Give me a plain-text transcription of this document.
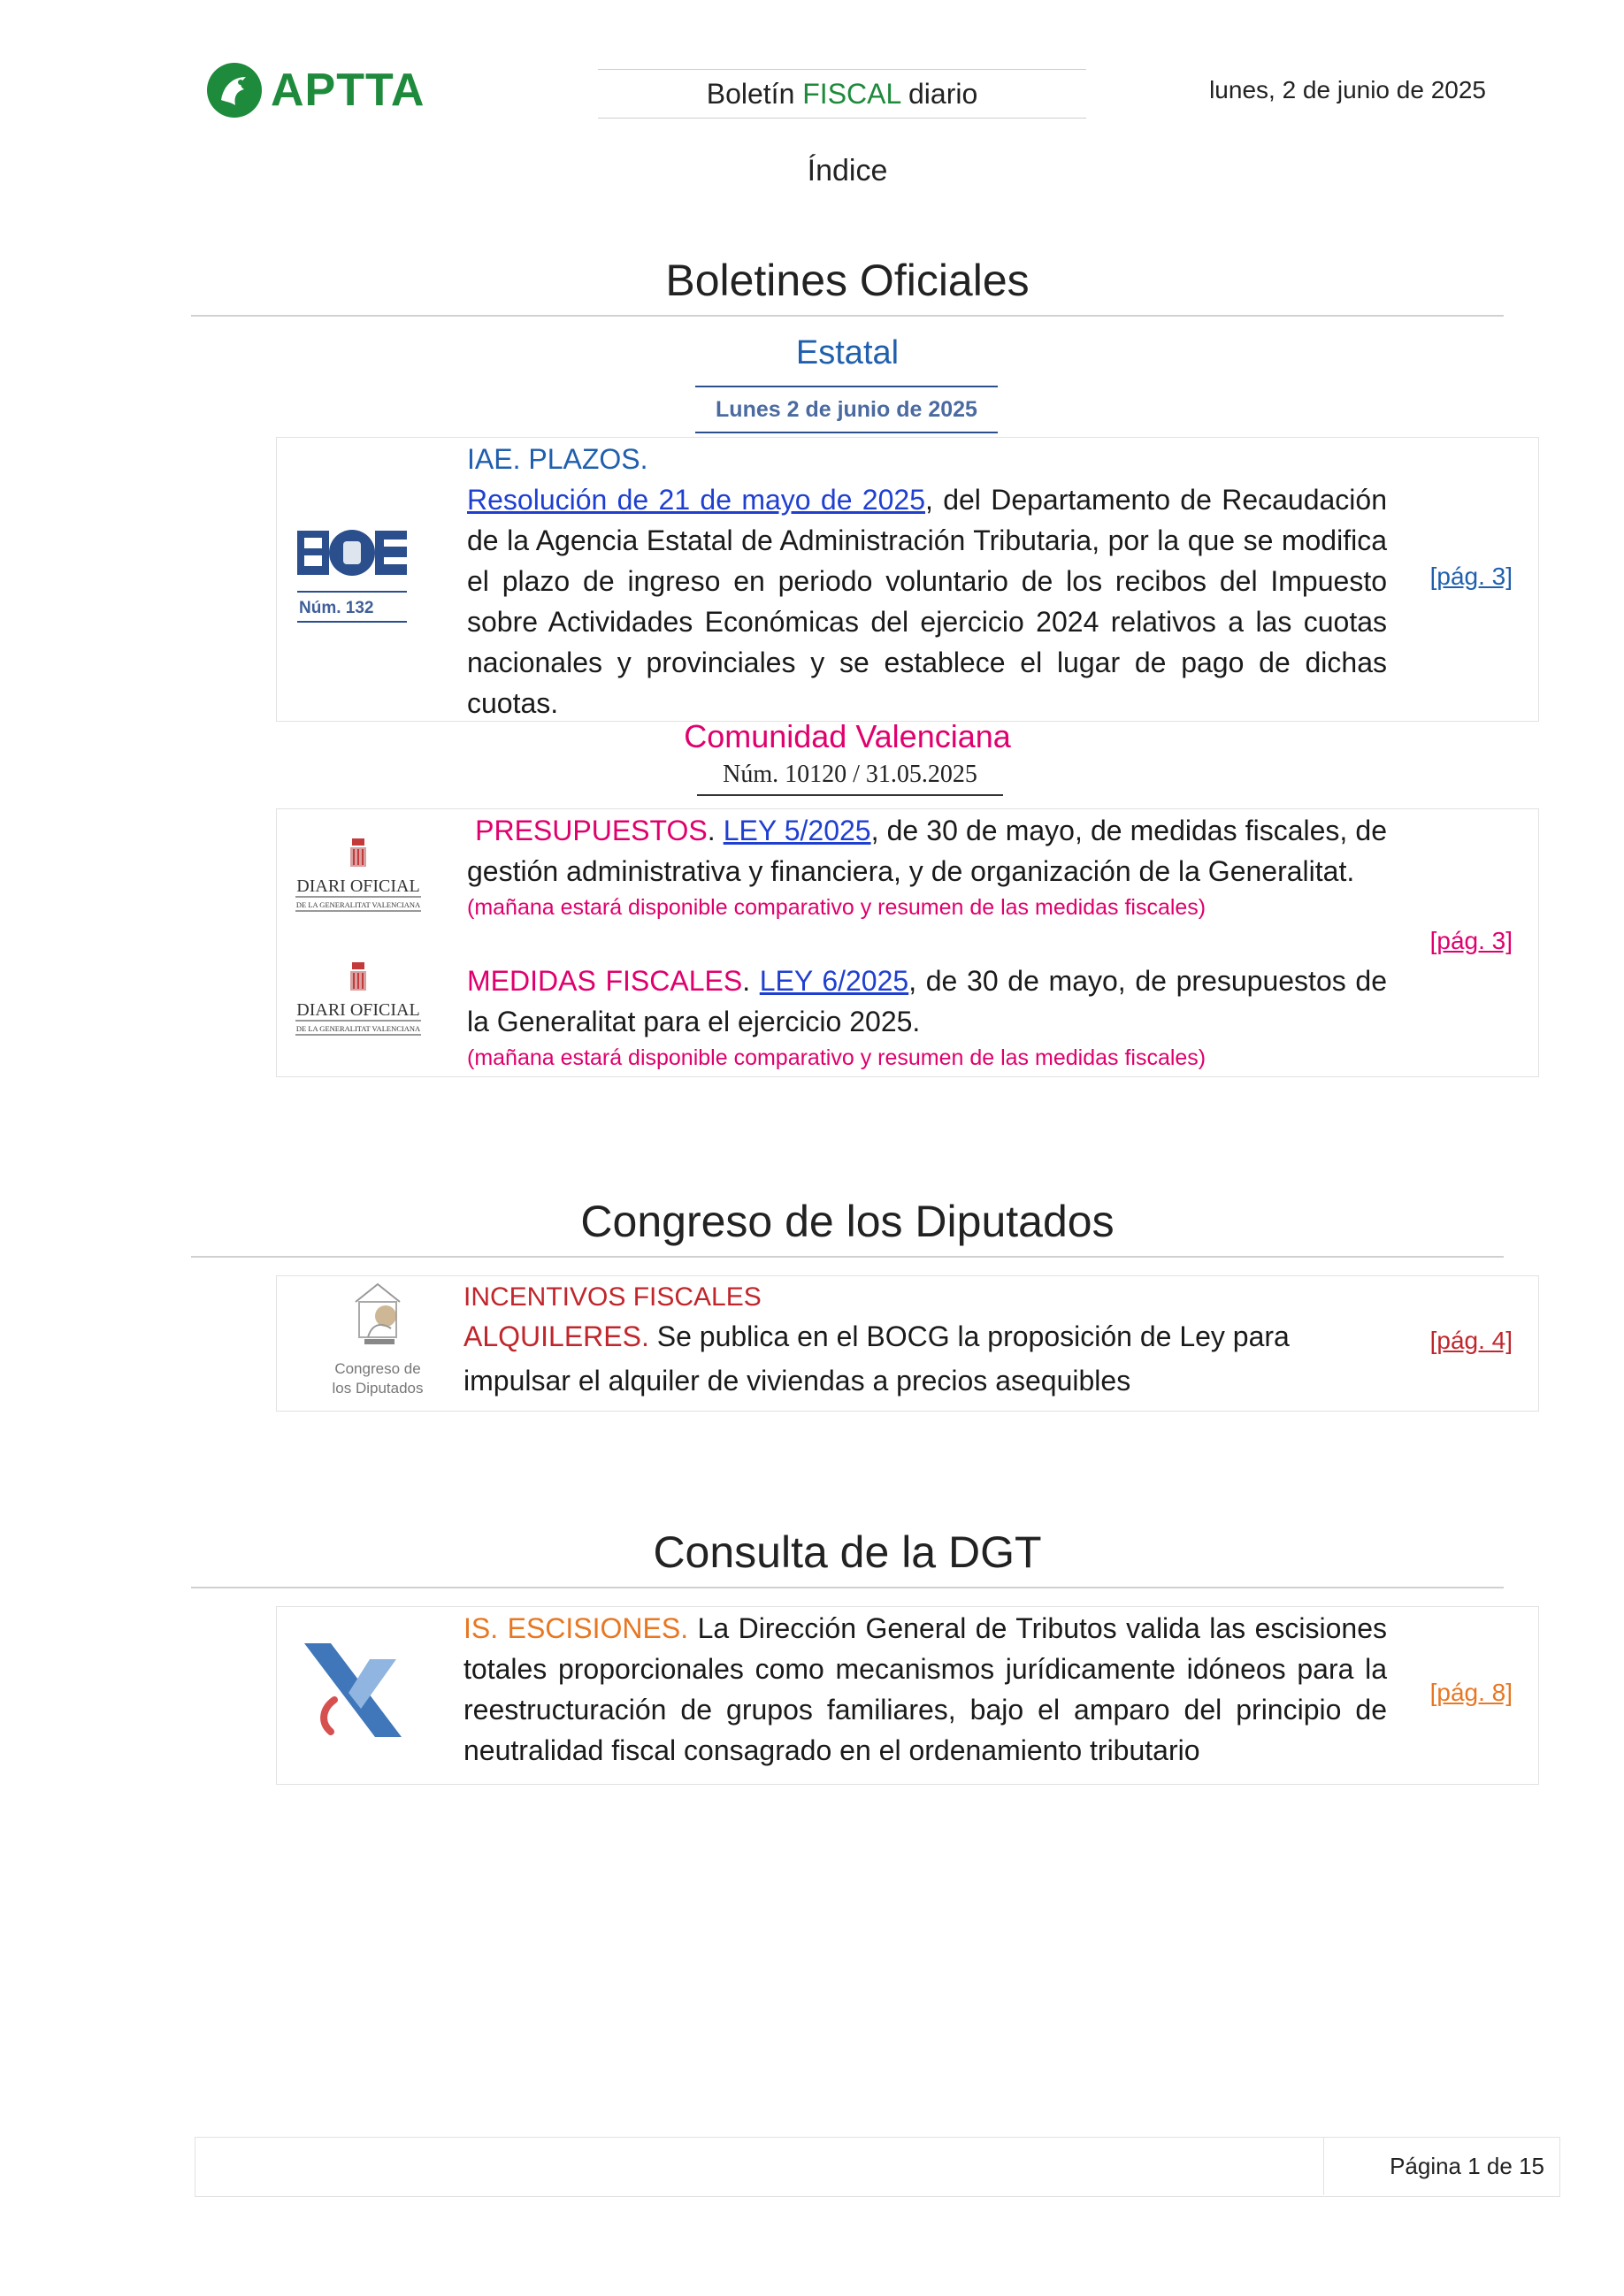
APTTA	Boletín FISCAL diario	lunes, 2 de junio de 2025
Índice
Boletines Oficiales
Estatal
Lunes 2 de junio de 2025
Núm. 132
IAE. PLAZOS.
Resolución de 21 de mayo de 2025, del Departamento de Recaudación de la Agencia Estatal de Administración Tributaria, por la que se modifica el plazo de ingreso en periodo voluntario de los recibos del Impuesto sobre Actividades Económicas del ejercicio 2024 relativos a las cuotas nacionales y provinciales y se establece el lugar de pago de dichas cuotas.
[pág. 3]
Comunidad Valenciana
Núm. 10120 / 31.05.2025
DIARI OFICIAL
DE LA GENERALITAT VALENCIANA
DIARI OFICIAL
DE LA GENERALITAT VALENCIANA
PRESUPUESTOS. LEY 5/2025, de 30 de mayo, de medidas fiscales, de gestión administrativa y financiera, y de organización de la Generalitat.
(mañana estará disponible comparativo y resumen de las medidas fiscales)
MEDIDAS FISCALES. LEY 6/2025, de 30 de mayo, de presupuestos de la Generalitat para el ejercicio 2025.
(mañana estará disponible comparativo y resumen de las medidas fiscales)
[pág. 3]
Congreso de los Diputados
Congreso de
los Diputados
INCENTIVOS FISCALES
ALQUILERES. Se publica en el BOCG la proposición de Ley para impulsar el alquiler de viviendas a precios asequibles
[pág. 4]
Consulta de la DGT
IS. ESCISIONES. La Dirección General de Tributos valida las escisiones totales proporcionales como mecanismos jurídicamente idóneos para la reestructuración de grupos familiares, bajo el amparo del principio de neutralidad fiscal consagrado en el ordenamiento tributario
[pág. 8]
Página 1 de 15
